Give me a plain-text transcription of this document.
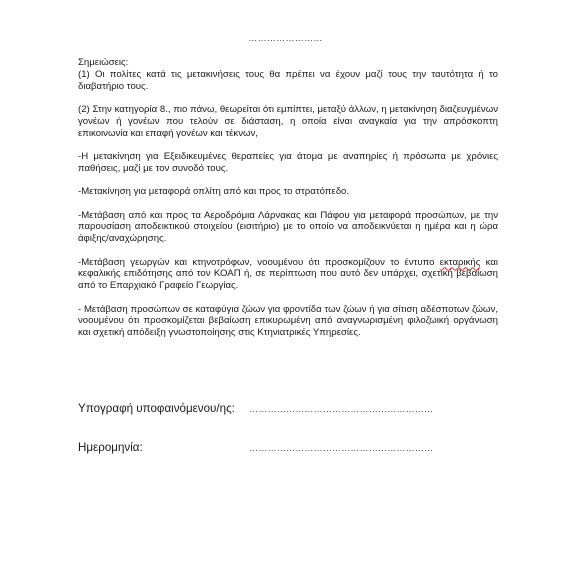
……………………

Σημειώσεις:

(1) Οι πολίτες κατά τις μετακινήσεις τους θα πρέπει να έχουν μαζί τους την ταυτότητα ή το διαβατήριο τους.

(2) Στην κατηγορία 8., πιο πάνω, θεωρείται ότι εμπίπτει, μεταξύ άλλων, η μετακίνηση διαζευγμένων γονέων ή γονέων που τελούν σε διάσταση, η οποία είναι αναγκαία για την απρόσκοπτη επικοινωνία και επαφή γονέων και τέκνων,

-Η μετακίνηση για Εξειδικευμένες θεραπείες για άτομα με αναπηρίες ή πρόσωπα με χρόνιες παθήσεις, μαζί με τον συνοδό τους.

-Μετακίνηση για μεταφορά οπλίτη από και προς το στρατόπεδο.

-Μετάβαση από και προς τα Αεροδρόμια Λάρνακας και Πάφου για μεταφορά προσώπων, με την παρουσίαση αποδεικτικού στοιχείου (εισιτήριο) με το οποίο να αποδεικνύεται η ημέρα και η ώρα άφιξης/αναχώρησης.

-Μετάβαση γεωργών και κτηνοτρόφων, νοουμένου ότι προσκομίζουν το έντυπο εκταρικής και κεφαλικής επιδότησης από τον ΚΟΑΠ ή, σε περίπτωση που αυτό δεν υπάρχει, σχετική βεβαίωση από το Επαρχιακό Γραφείο Γεωργίας.

- Μετάβαση προσώπων σε καταφύγια ζώων για φροντίδα των ζώων ή για σίτιση αδέσποτων ζώων, νοουμένου ότι προσκομίζεται βεβαίωση επικυρωμένη από αναγνωρισμένη φιλοζωική οργάνωση και σχετική απόδειξη γνωστοποίησης στις Κτηνιατρικές Υπηρεσίες.

Υπογραφή υποφαινόμενου/ης: ……………………………………………………
Ημερομηνία:	……………………………………………………
